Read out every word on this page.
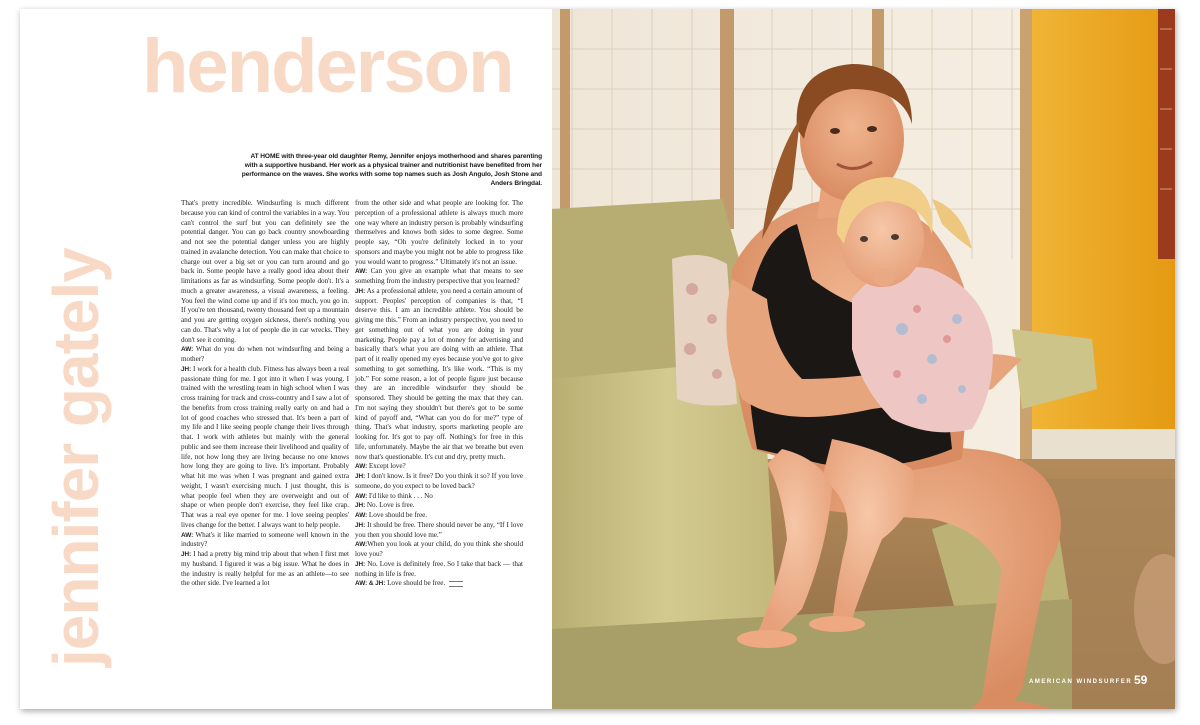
henderson
jennifer gately
AT HOME with three-year old daughter Remy, Jennifer enjoys motherhood and shares parenting with a supportive husband. Her work as a physical trainer and nutritionist have benefited from her performance on the waves. She works with some top names such as Josh Angulo, Josh Stone and Anders Bringdal.

That's pretty incredible. Windsurfing is much different because you can kind of control the variables in a way. You can't control the surf but you can definitely see the potential danger. You can go back country snowboarding and not see the potential danger unless you are highly trained in avalanche detection. You can make that choice to charge out over a big set or you can turn around and go back in. Some people have a really good idea about their limitations as far as windsurfing. Some people don't. It's a much a greater awareness, a visual awareness, a feeling. You feel the wind come up and if it's too much, you go in. If you're ten thousand, twenty thousand feet up a mountain and you are getting oxygen sickness, there's nothing you can do. That's why a lot of people die in car wrecks. They don't see it coming.

AW: What do you do when not windsurfing and being a mother?

JH: I work for a health club. Fitness has always been a real passionate thing for me. I got into it when I was young. I trained with the wrestling team in high school when I was cross training for track and cross-country and I saw a lot of the benefits from cross training really early on and had a lot of good coaches who stressed that. It's been a part of my life and I like seeing people change their lives through that. I work with athletes but mainly with the general public and see them increase their livelihood and quality of life, not how long they are living because no one knows how long they are going to live. It's important. Probably what hit me was when I was pregnant and gained extra weight, I wasn't exercising much. I just thought, this is what people feel when they are overweight and out of shape or when people don't exercise, they feel like crap. That was a real eye opener for me. I love seeing peoples' lives change for the better. I always want to help people.

AW: What's it like married to someone well known in the industry?

JH: I had a pretty big mind trip about that when I first met my husband. I figured it was a big issue. What he does in the industry is really helpful for me as an athlete—to see the other side. I've learned a lot

from the other side and what people are looking for. The perception of a professional athlete is always much more one way where an industry person is probably windsurfing themselves and knows both sides to some degree. Some people say, “Oh you're definitely locked in to your sponsors and maybe you might not be able to progress like you would want to progress.” Ultimately it's not an issue.

AW: Can you give an example what that means to see something from the industry perspective that you learned?

JH: As a professional athlete, you need a certain amount of support. Peoples' perception of companies is that, “I deserve this. I am an incredible athlete. You should be giving me this.” From an industry perspective, you need to get something out of what you are doing in your marketing. People pay a lot of money for advertising and basically that's what you are doing with an athlete. That part of it really opened my eyes because you've got to give something to get something. It's like work. “This is my job.” For some reason, a lot of people figure just because they are an incredible windsurfer they should be sponsored. They should be getting the max that they can. I'm not saying they shouldn't but there's got to be some kind of payoff and, “What can you do for me?” type of thing. That's what industry, sports marketing people are looking for. It's got to pay off. Nothing's for free in this life, unfortunately. Maybe the air that we breathe but even now that's questionable. It's cut and dry, pretty much.

AW: Except love?

JH: I don't know. Is it free? Do you think it so? If you love someone, do you expect to be loved back?

AW: I'd like to think . . . No

JH: No. Love is free.

AW: Love should be free.

JH: It should be free. There should never be any, “If I love you then you should love me.”

AW:When you look at your child, do you think she should love you?

JH: No. Love is definitely free. So I take that back — that nothing in life is free.

AW: & JH: Love should be free.

AMERICAN WINDSURFER 59
